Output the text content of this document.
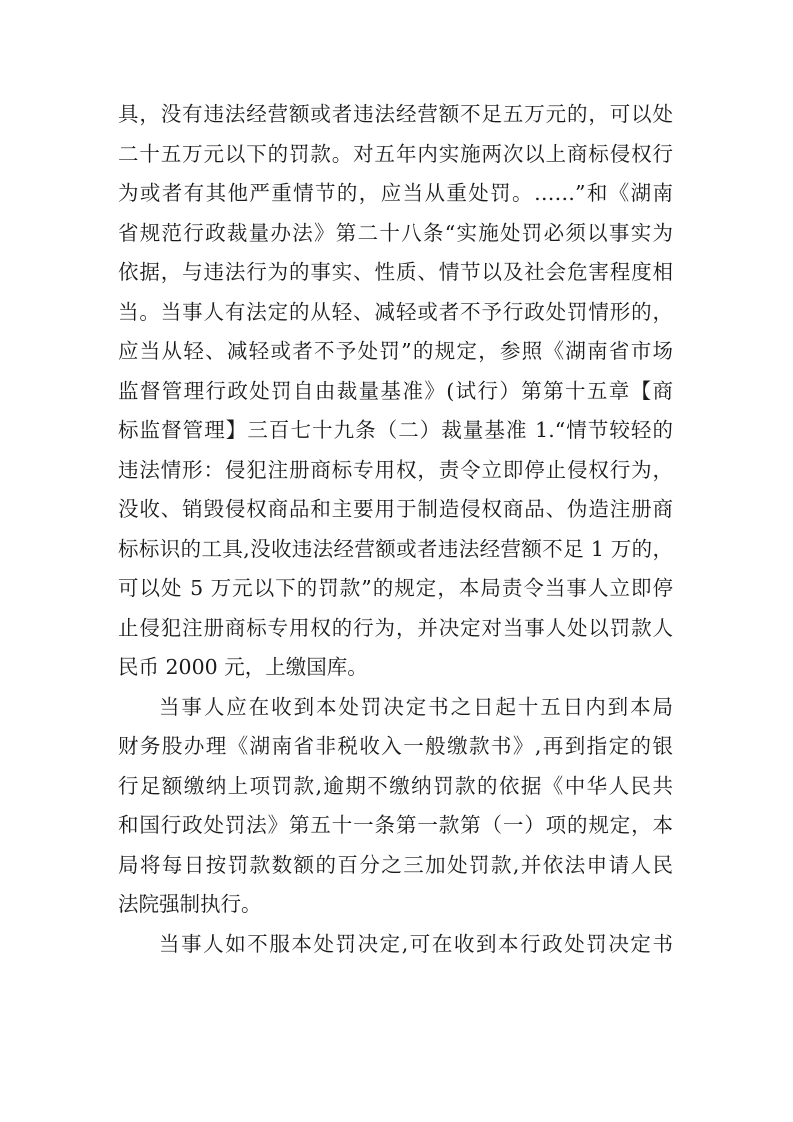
具，没有违法经营额或者违法经营额不足五万元的，可以处
二十五万元以下的罚款。对五年内实施两次以上商标侵权行
为或者有其他严重情节的，应当从重处罚。……”和《湖南
省规范行政裁量办法》第二十八条“实施处罚必须以事实为
依据，与违法行为的事实、性质、情节以及社会危害程度相
当。当事人有法定的从轻、减轻或者不予行政处罚情形的，
应当从轻、减轻或者不予处罚”的规定，参照《湖南省市场
监督管理行政处罚自由裁量基准》(试行）第第十五章【商
标监督管理】三百七十九条（二）裁量基准 1.“情节较轻的
违法情形：侵犯注册商标专用权，责令立即停止侵权行为，
没收、销毁侵权商品和主要用于制造侵权商品、伪造注册商
标标识的工具,没收违法经营额或者违法经营额不足 1 万的，
可以处 5 万元以下的罚款”的规定，本局责令当事人立即停
止侵犯注册商标专用权的行为，并决定对当事人处以罚款人
民币 2000 元，上缴国库。
当事人应在收到本处罚决定书之日起十五日内到本局
财务股办理《湖南省非税收入一般缴款书》,再到指定的银
行足额缴纳上项罚款,逾期不缴纳罚款的依据《中华人民共
和国行政处罚法》第五十一条第一款第（一）项的规定，本
局将每日按罚款数额的百分之三加处罚款,并依法申请人民
法院强制执行。
当事人如不服本处罚决定,可在收到本行政处罚决定书
